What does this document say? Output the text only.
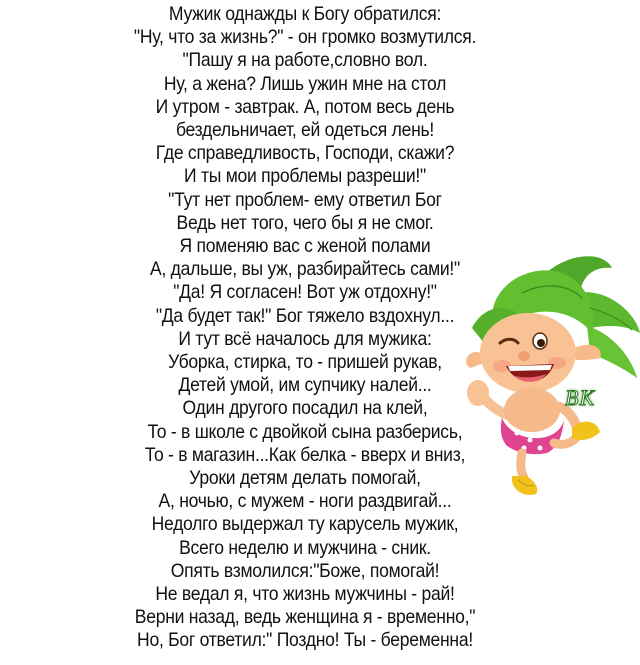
Мужик однажды к Богу обратился:
"Ну, что за жизнь?" - он громко возмутился.
"Пашу я на работе,словно вол.
Ну, а жена? Лишь ужин мне на стол
И утром - завтрак. А, потом весь день
бездельничает, ей одеться лень!
Где справедливость, Господи, скажи?
И ты мои проблемы разреши!"
"Тут нет проблем- ему ответил Бог
Ведь нет того, чего бы я не смог.
Я поменяю вас с женой полами
А, дальше, вы уж, разбирайтесь сами!"
"Да! Я согласен! Вот уж отдохну!"
"Да будет так!" Бог тяжело вздохнул...
И тут всё началось для мужика:
Уборка, стирка, то - пришей рукав,
Детей умой, им супчику налей...
Один другого посадил на клей,
То - в школе с двойкой сына разберись,
То - в магазин...Как белка - вверх и вниз,
Уроки детям делать помогай,
А, ночью, с мужем - ноги раздвигай...
Недолго выдержал ту карусель мужик,
Всего неделю и мужчина - сник.
Опять взмолился:"Боже, помогай!
Не ведал я, что жизнь мужчины - рай!
Верни назад, ведь женщина я - временно,"
Но, Бог ответил:" Поздно! Ты - беременна!
ВК
